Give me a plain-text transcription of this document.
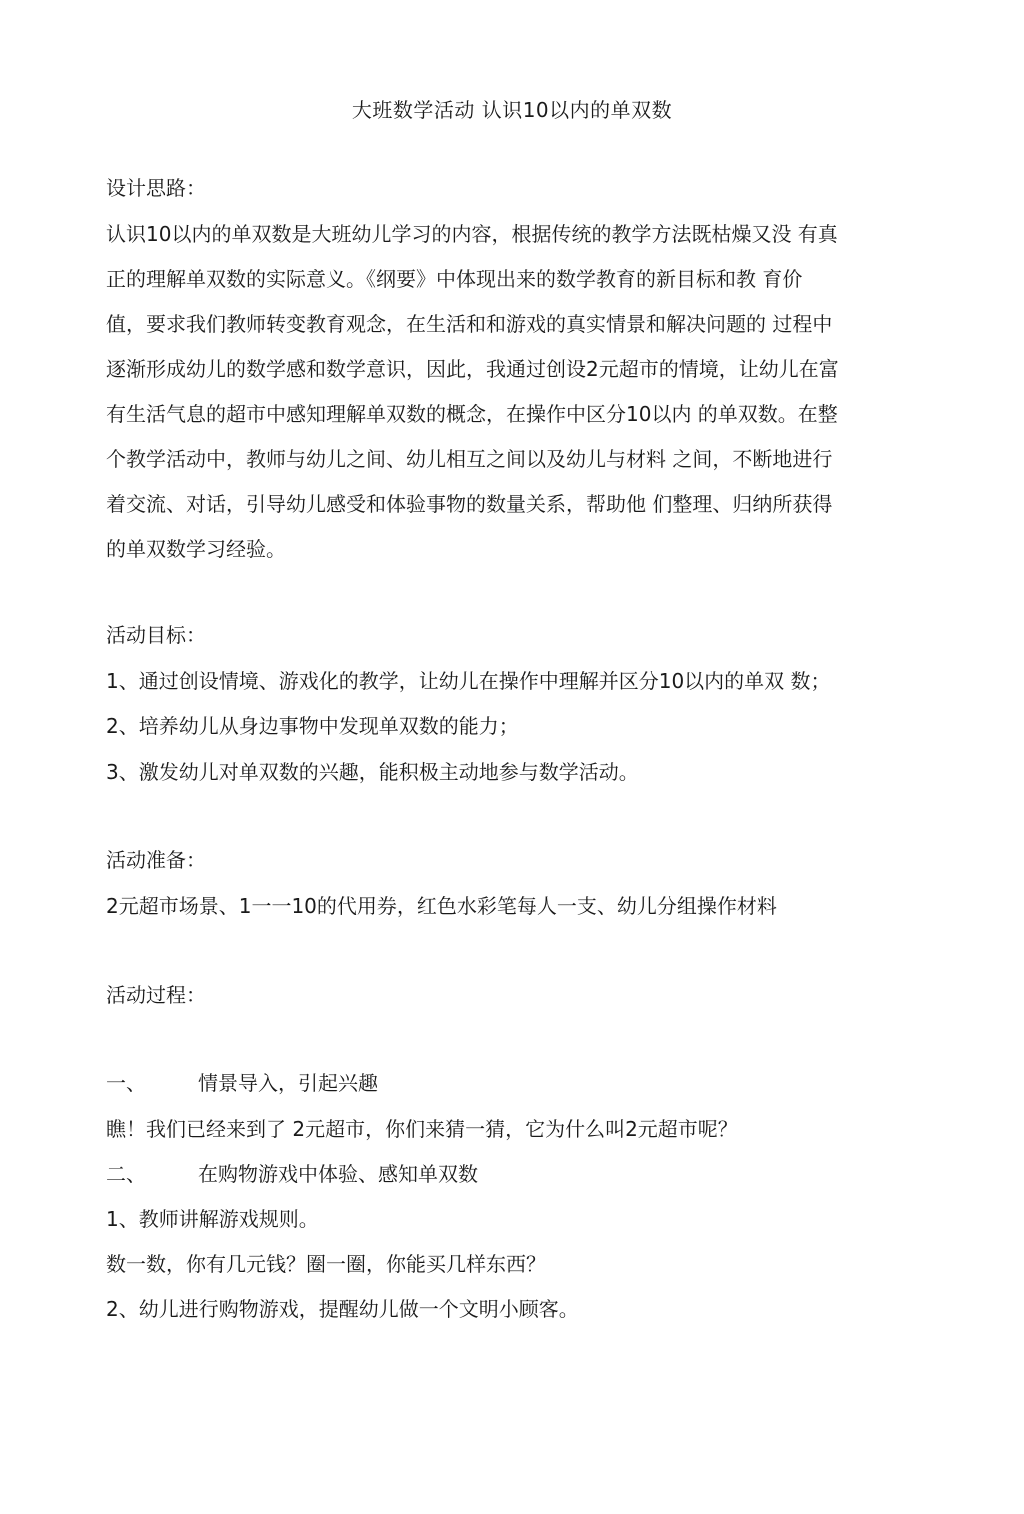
大班数学活动 认识10以内的单双数
设计思路：
认识10以内的单双数是大班幼儿学习的内容，根据传统的教学方法既枯燥又没 有真
正的理解单双数的实际意义。《纲要》中体现出来的数学教育的新目标和教 育价
值，要求我们教师转变教育观念，在生活和和游戏的真实情景和解决问题的 过程中
逐渐形成幼儿的数学感和数学意识，因此，我通过创设2元超市的情境，让幼儿在富
有生活气息的超市中感知理解单双数的概念，在操作中区分10以内 的单双数。在整
个教学活动中，教师与幼儿之间、幼儿相互之间以及幼儿与材料 之间，不断地进行
着交流、对话，引导幼儿感受和体验事物的数量关系，帮助他 们整理、归纳所获得
的单双数学习经验。
活动目标：
1、通过创设情境、游戏化的教学，让幼儿在操作中理解并区分10以内的单双 数；
2、培养幼儿从身边事物中发现单双数的能力；
3、激发幼儿对单双数的兴趣，能积极主动地参与数学活动。
活动准备：
2元超市场景、1一一10的代用券，红色水彩笔每人一支、幼儿分组操作材料
活动过程：
一、	情景导入，引起兴趣
瞧！我们已经来到了 2元超市，你们来猜一猜，它为什么叫2元超市呢？
二、	在购物游戏中体验、感知单双数
1、教师讲解游戏规则。
数一数，你有几元钱？圈一圈，你能买几样东西？
2、幼儿进行购物游戏，提醒幼儿做一个文明小顾客。
